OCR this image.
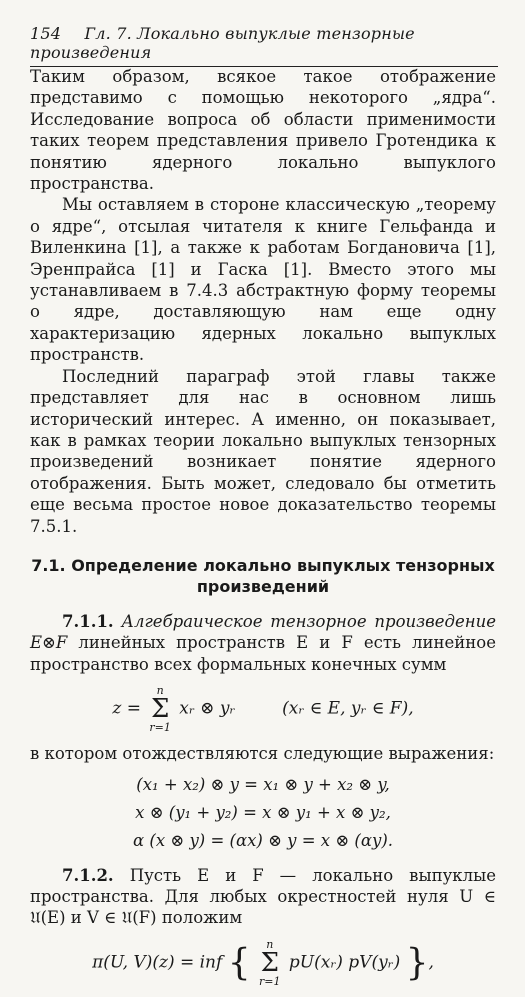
154 Гл. 7. Локально выпуклые тензорные произведения

Таким образом, всякое такое отображение представимо с помощью некоторого „ядра“. Исследование вопроса об области применимости таких теорем представления привело Гротендика к понятию ядерного локально выпуклого пространства.

Мы оставляем в стороне классическую „теорему о ядре“, отсылая читателя к книге Гельфанда и Виленкина [1], а также к работам Богдановича [1], Эренпрайса [1] и Гаска [1]. Вместо этого мы устанавливаем в 7.4.3 абстрактную форму теоремы о ядре, доставляющую нам еще одну характеризацию ядерных локально выпуклых пространств.

Последний параграф этой главы также представляет для нас в основном лишь исторический интерес. А именно, он показывает, как в рамках теории локально выпуклых тензорных произведений возникает понятие ядерного отображения. Быть может, следовало бы отметить еще весьма простое новое доказательство теоремы 7.5.1.

7.1. Определение локально выпуклых тензорных произведений

7.1.1. Алгебраическое тензорное произведение E⊗F линейных пространств E и F есть линейное пространство всех формальных конечных сумм

z =
n
Σ
r=1
xᵣ ⊗ yᵣ	(xᵣ ∈ E, yᵣ ∈ F),

в котором отождествляются следующие выражения:

(x₁ + x₂) ⊗ y = x₁ ⊗ y + x₂ ⊗ y,
x ⊗ (y₁ + y₂) = x ⊗ y₁ + x ⊗ y₂,
α (x ⊗ y) = (αx) ⊗ y = x ⊗ (αy).

7.1.2. Пусть E и F — локально выпуклые пространства. Для любых окрестностей нуля U ∈ 𝔘(E) и V ∈ 𝔘(F) положим

π(U, V)(z) = inf { n
Σ
r=1
pU(xᵣ) pV(yᵣ) },
